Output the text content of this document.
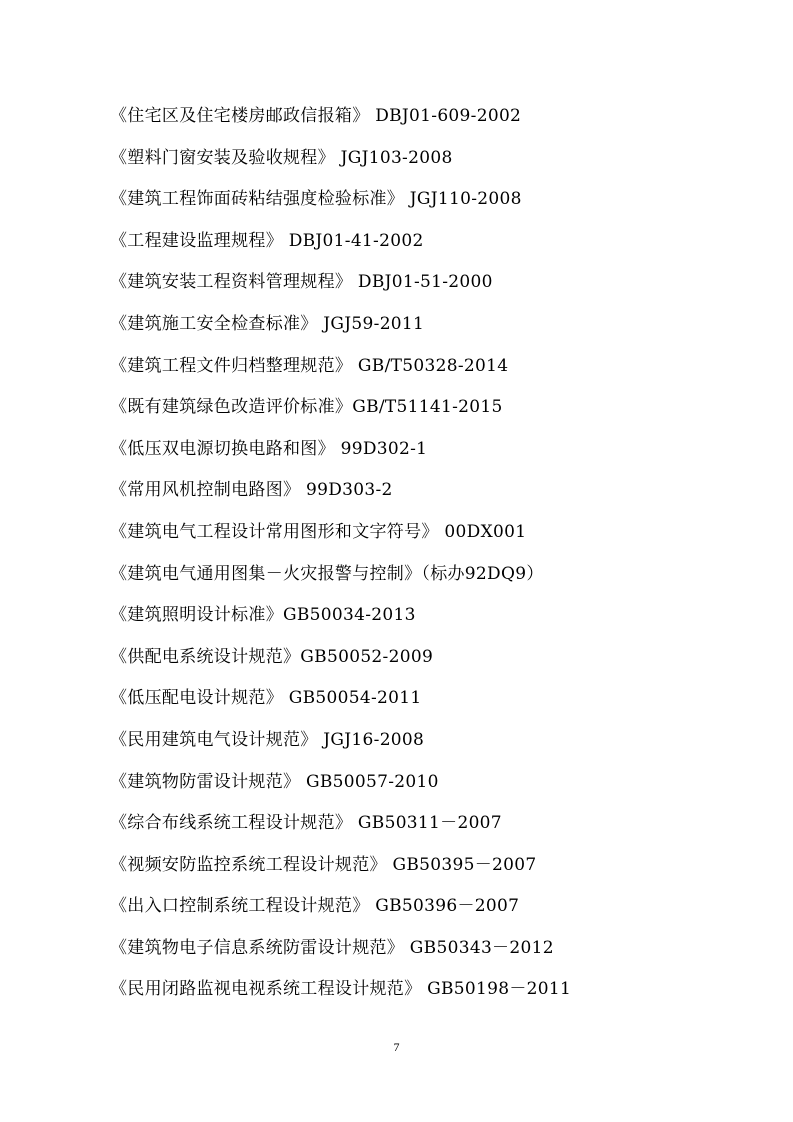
《住宅区及住宅楼房邮政信报箱》 DBJ01-609-2002
《塑料门窗安装及验收规程》 JGJ103-2008
《建筑工程饰面砖粘结强度检验标准》 JGJ110-2008
《工程建设监理规程》 DBJ01-41-2002
《建筑安装工程资料管理规程》 DBJ01-51-2000
《建筑施工安全检查标准》 JGJ59-2011
《建筑工程文件归档整理规范》 GB/T50328-2014
《既有建筑绿色改造评价标准》GB/T51141-2015
《低压双电源切换电路和图》 99D302-1
《常用风机控制电路图》 99D303-2
《建筑电气工程设计常用图形和文字符号》 00DX001
《建筑电气通用图集－火灾报警与控制》（标办92DQ9）
《建筑照明设计标准》GB50034-2013
《供配电系统设计规范》GB50052-2009
《低压配电设计规范》 GB50054-2011
《民用建筑电气设计规范》 JGJ16-2008
《建筑物防雷设计规范》 GB50057-2010
《综合布线系统工程设计规范》 GB50311－2007
《视频安防监控系统工程设计规范》 GB50395－2007
《出入口控制系统工程设计规范》 GB50396－2007
《建筑物电子信息系统防雷设计规范》 GB50343－2012
《民用闭路监视电视系统工程设计规范》 GB50198－2011
7
